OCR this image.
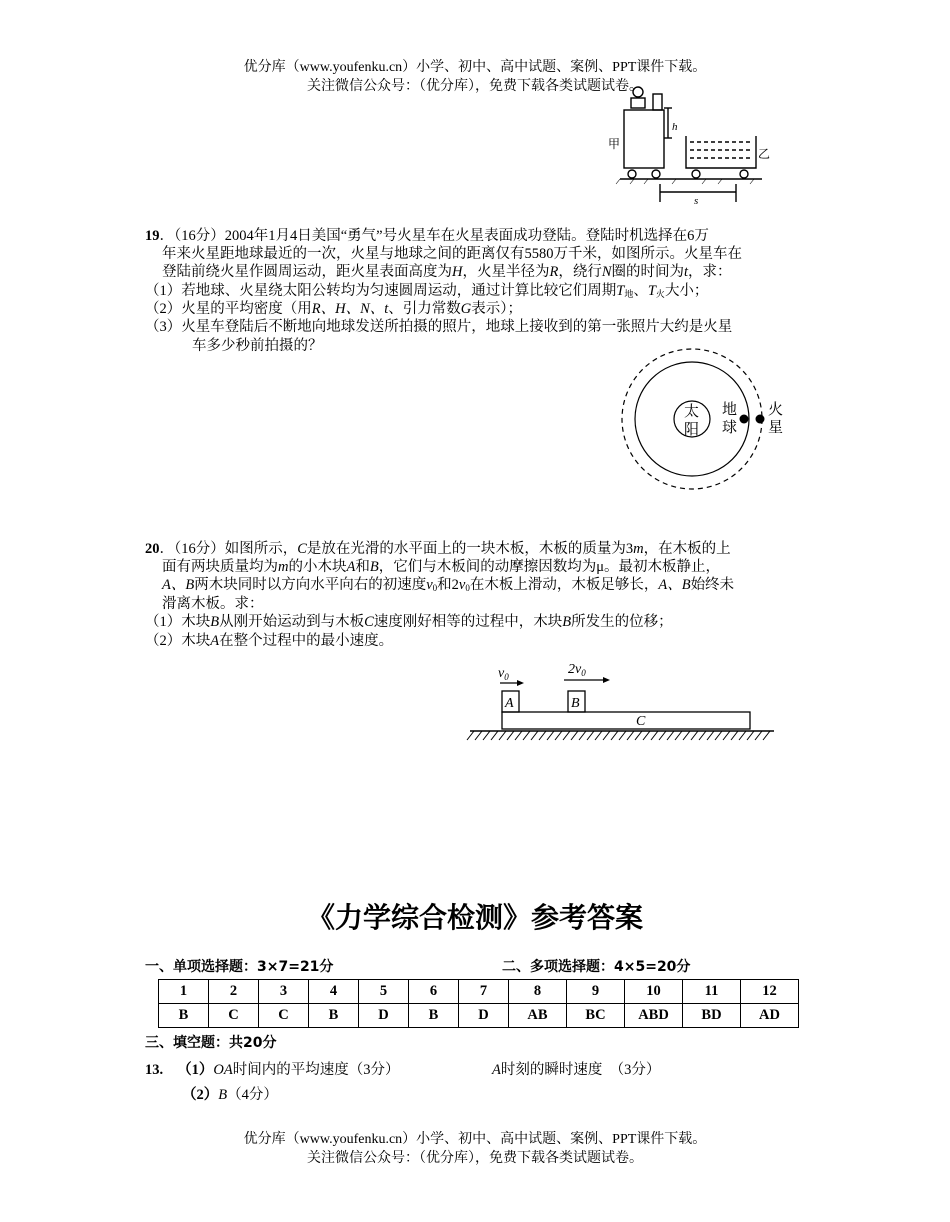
优分库（www.youfenku.cn）小学、初中、高中试题、案例、PPT课件下载。
关注微信公众号：（优分库），免费下载各类试题试卷。
甲
乙
h
s
19．（16分）2004年1月4日美国“勇气”号火星车在火星表面成功登陆。登陆时机选择在6万
年来火星距地球最近的一次，火星与地球之间的距离仅有5580万千米，如图所示。火星车在
登陆前绕火星作圆周运动，距火星表面高度为H，火星半径为R，绕行N圈的时间为t，求：
（1）若地球、火星绕太阳公转均为匀速圆周运动，通过计算比较它们周期$T_地$、$T_火$大小；
（2）火星的平均密度（用R、H、N、t、引力常数G表示）；
（3）火星车登陆后不断地向地球发送所拍摄的照片，地球上接收到的第一张照片大约是火星
车多少秒前拍摄的？
太
阳
地
球
火
星
20．（16分）如图所示，C是放在光滑的水平面上的一块木板，木板的质量为3m，在木板的上
面有两块质量均为m的小木块A和B，它们与木板间的动摩擦因数均为μ。最初木板静止，
A、B两木块同时以方向水平向右的初速度$v_0$和$2v_0$在木板上滑动，木板足够长，A、B始终未
滑离木板。求：
（1）木块B从刚开始运动到与木板C速度刚好相等的过程中，木块B所发生的位移；
（2）木块A在整个过程中的最小速度。
$v_0$	$2v_0$
A	B
C
《力学综合检测》参考答案
一、单项选择题：3×7=21分	二、多项选择题：4×5=20分
1	2	3	4	5	6	7	8	9	10	11	12
B	C	C	B	D	B	D	AB	BC	ABD	BD	AD
三、填空题：共20分
13. （1）OA时间内的平均速度（3分）	A时刻的瞬时速度　（3分）
（2）B（4分）
优分库（www.youfenku.cn）小学、初中、高中试题、案例、PPT课件下载。
关注微信公众号：（优分库），免费下载各类试题试卷。
